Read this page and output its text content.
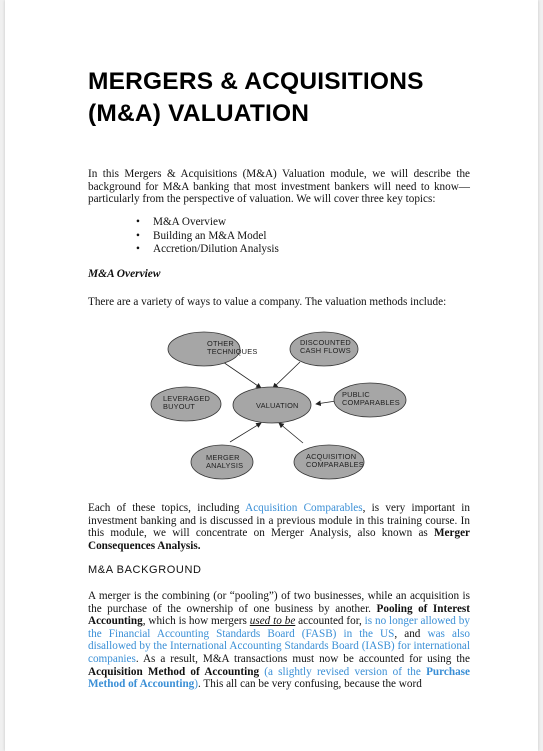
MERGERS & ACQUISITIONS
(M&A) VALUATION

In this Mergers & Acquisitions (M&A) Valuation module, we will describe the background for M&A banking that most investment bankers will need to know—particularly from the perspective of valuation. We will cover three key topics:

• M&A Overview
• Building an M&A Model
• Accretion/Dilution Analysis

M&A Overview

There are a variety of ways to value a company. The valuation methods include:

OTHER
TECHNIQUES
DISCOUNTED
CASH FLOWS
LEVERAGED
BUYOUT	VALUATION
PUBLIC
COMPARABLES
MERGER
ANALYSIS
ACQUISITION
COMPARABLES

Each of these topics, including Acquisition Comparables, is very important in investment banking and is discussed in a previous module in this training course. In this module, we will concentrate on Merger Analysis, also known as Merger Consequences Analysis.

M&A BACKGROUND

A merger is the combining (or “pooling”) of two businesses, while an acquisition is the purchase of the ownership of one business by another. Pooling of Interest Accounting, which is how mergers used to be accounted for, is no longer allowed by the Financial Accounting Standards Board (FASB) in the US, and was also disallowed by the International Accounting Standards Board (IASB) for international companies. As a result, M&A transactions must now be accounted for using the Acquisition Method of Accounting (a slightly revised version of the Purchase Method of Accounting). This all can be very confusing, because the word
